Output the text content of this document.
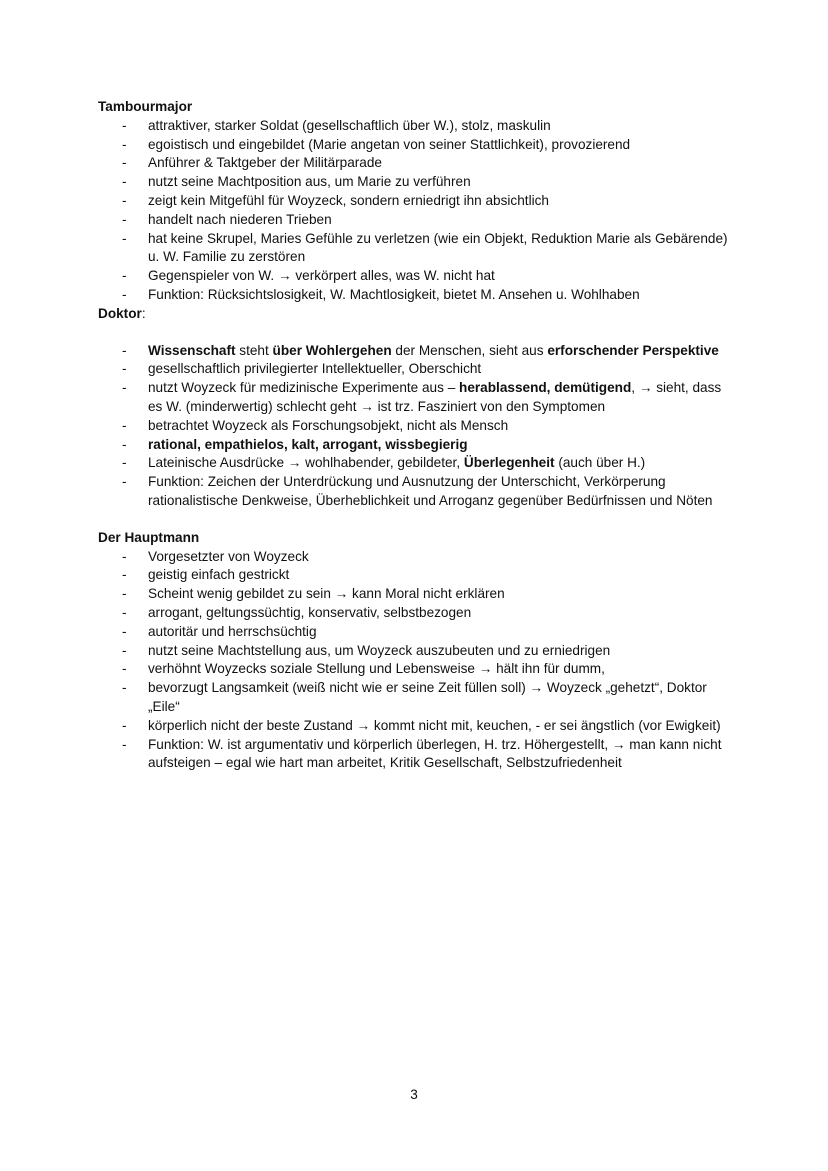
Tambourmajor

- attraktiver, starker Soldat (gesellschaftlich über W.), stolz, maskulin
- egoistisch und eingebildet (Marie angetan von seiner Stattlichkeit), provozierend
- Anführer & Taktgeber der Militärparade
- nutzt seine Machtposition aus, um Marie zu verführen
- zeigt kein Mitgefühl für Woyzeck, sondern erniedrigt ihn absichtlich
- handelt nach niederen Trieben
- hat keine Skrupel, Maries Gefühle zu verletzen (wie ein Objekt, Reduktion Marie als Gebärende) u. W. Familie zu zerstören
- Gegenspieler von W. → verkörpert alles, was W. nicht hat
- Funktion: Rücksichtslosigkeit, W. Machtlosigkeit, bietet M. Ansehen u. Wohlhaben

Doktor:

- Wissenschaft steht über Wohlergehen der Menschen, sieht aus erforschender Perspektive
- gesellschaftlich privilegierter Intellektueller, Oberschicht
- nutzt Woyzeck für medizinische Experimente aus – herablassend, demütigend, → sieht, dass es W. (minderwertig) schlecht geht → ist trz. Fasziniert von den Symptomen
- betrachtet Woyzeck als Forschungsobjekt, nicht als Mensch
- rational, empathielos, kalt, arrogant, wissbegierig
- Lateinische Ausdrücke → wohlhabender, gebildeter, Überlegenheit (auch über H.)
- Funktion: Zeichen der Unterdrückung und Ausnutzung der Unterschicht, Verkörperung rationalistische Denkweise, Überheblichkeit und Arroganz gegenüber Bedürfnissen und Nöten

Der Hauptmann

- Vorgesetzter von Woyzeck
- geistig einfach gestrickt
- Scheint wenig gebildet zu sein → kann Moral nicht erklären
- arrogant, geltungssüchtig, konservativ, selbstbezogen
- autoritär und herrschsüchtig
- nutzt seine Machtstellung aus, um Woyzeck auszubeuten und zu erniedrigen
- verhöhnt Woyzecks soziale Stellung und Lebensweise → hält ihn für dumm,
- bevorzugt Langsamkeit (weiß nicht wie er seine Zeit füllen soll) → Woyzeck „gehetzt“, Doktor „Eile“
- körperlich nicht der beste Zustand → kommt nicht mit, keuchen, - er sei ängstlich (vor Ewigkeit)
- Funktion: W. ist argumentativ und körperlich überlegen, H. trz. Höhergestellt, → man kann nicht aufsteigen – egal wie hart man arbeitet, Kritik Gesellschaft, Selbstzufriedenheit
3
